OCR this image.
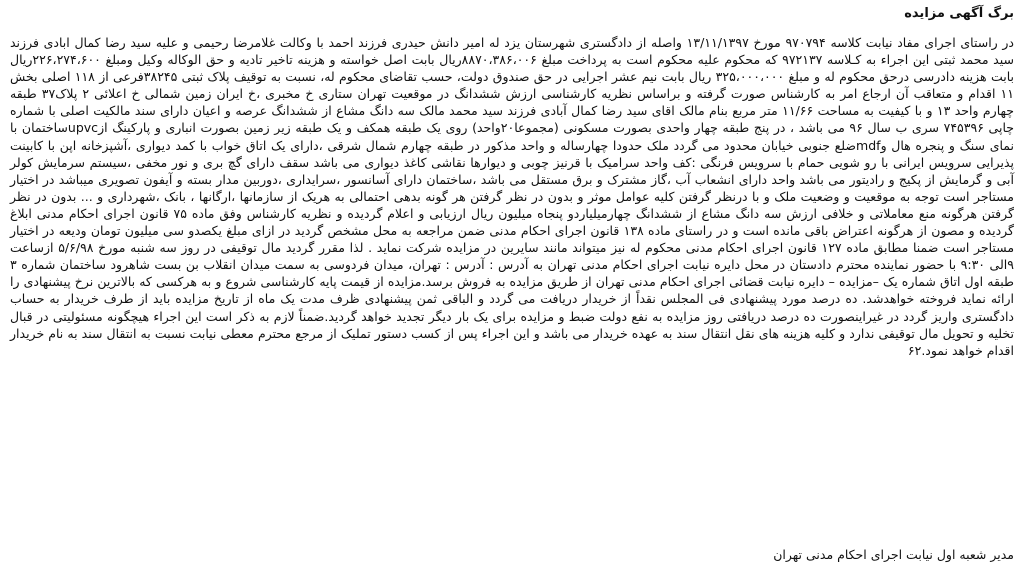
برگ آگهی مزایده

در راستای اجرای مفاد نیابت کلاسه ۹۷۰۷۹۴ مورخ ۱۳/۱۱/۱۳۹۷ واصله از دادگستری شهرستان یزد له امیر دانش حیدری فرزند احمد با وکالت غلامرضا رحیمی و علیه سید رضا کمال ابادی فرزند سید محمد ثبتی این اجراء به کـلاسه ۹۷۲۱۳۷ که محکوم علیه محکوم است به پرداخت مبلغ ۸۸۷۰،۳۸۶،۰۰۶ریال بابت اصل خواسته و هزینه تاخیر تادیه و حق الوکاله وکیل ومبلغ ۲۲۶،۲۷۴،۶۰۰ریال بابت هزینه دادرسی درحق محکوم له و مبلغ ۳۲۵،۰۰۰،۰۰۰ ریال بابت نیم عشر اجرایی در حق صندوق دولت، حسب تقاضای محکوم له، نسبت به توقیف پلاک ثبتی ۳۸۲۴۵فرعی از ۱۱۸ اصلی بخش ۱۱ اقدام و متعاقب آن ارجاع امر به کارشناس صورت گرفته و براساس نظریه کارشناسی ارزش ششدانگ در موقعیت تهران ستاری خ مخبری ،خ ایران زمین شمالی خ اعلائی ۲ پلاک۳۷ طبقه چهارم واحد ۱۳ و با کیفیت به مساحت ۱۱/۶۶ متر مربع بنام مالک اقای سید رضا کمال آبادی فرزند سید محمد مالک سه دانگ مشاع از ششدانگ عرصه و اعیان دارای سند مالکیت اصلی با شماره چاپی ۷۴۵۳۹۶ سری ب سال ۹۶ می باشد ، در پنج طبقه چهار واحدی بصورت مسکونی (مجموعا۲۰واحد) روی یک طبقه همکف و یک طبقه زیر زمین بصورت انباری و پارکینگ ازupvcساختمان با نمای سنگ و پنجره هال وmdfضلع جنوبی خیابان محدود می گردد ملک حدودا چهارساله و واحد مذکور در طبقه چهارم شمال شرقی ،دارای یک اتاق خواب با کمد دیواری ،آشپزخانه اپن با کابینت پذیرایی سرویس ایرانی با رو شویی حمام با سرویس فرنگی :کف واحد سرامیک با قرنیز چوبی و دیوارها نقاشی کاغذ دیواری می باشد سقف دارای گچ بری و نور مخفی ،سیستم سرمایش کولر آبی و گرمایش از پکیج و رادیتور می باشد واحد دارای انشعاب آب ،گاز مشترک و برق مستقل می باشد ،ساختمان دارای آسانسور ،سرایداری ،دوربین مدار بسته و آیفون تصویری میباشد در اختیار مستاجر است توجه به موقعیت و وضعیت ملک و با درنظر گرفتن کلیه عوامل موثر و بدون در نظر گرفتن هر گونه بدهی احتمالی به هریک از سازمانها ،ارگانها ، بانک ،شهرداری و ... بدون در نظر گرفتن هرگونه منع معاملاتی و خلافی ارزش سه دانگ مشاع از ششدانگ چهارمیلیاردو پنجاه میلیون ریال ارزیابی و اعلام گردیده و نظریه کارشناس وفق ماده ۷۵ قانون اجرای احکام مدنی ابلاغ گردیده و مصون از هرگونه اعتراض باقی مانده است و در راستای ماده ۱۳۸ قانون اجرای احکام مدنی ضمن مراجعه به محل مشخص گردید در ازای مبلغ یکصدو سی میلیون تومان ودیعه در اختیار مستاجر است ضمنا مطابق ماده ۱۲۷ قانون اجرای احکام مدنی محکوم له نیز میتواند مانند سایرین در مزایده شرکت نماید . لذا مقرر گردید مال توقیفی در روز سه شنبه مورخ ۵/۶/۹۸ ازساعت ۹الی ۹:۳۰ با حضور نماینده محترم دادستان در محل دایره نیابت اجرای احکام مدنی تهران به آدرس : آدرس : تهران، میدان فردوسی به سمت میدان انقلاب بن بست شاهرود ساختمان شماره ۳ طبقه اول اتاق شماره یک –مزایده – دایره نیابت قضائی اجرای احکام مدنی تهران از طریق مزایده به فروش برسد.مزایده از قیمت پایه کارشناسی شروع و به هرکسی که بالاترین نرخ پیشنهادی را ارائه نماید فروخته خواهدشد. ده درصد مورد پیشنهادی فی المجلس نقداً از خریدار دریافت می گردد و الباقی ثمن پیشنهادی ظرف مدت یک ماه از تاریخ مزایده باید از طرف خریدار به حساب دادگستری واریز گردد در غیراینصورت ده درصد دریافتی روز مزایده به نفع دولت ضبط و مزایده برای یک بار دیگر تجدید خواهد گردید.ضمناً لازم به ذکر است این اجراء هیچگونه مسئولیتی در قبال تخلیه و تحویل مال توقیفی ندارد و کلیه هزینه های نقل انتقال سند به عهده خریدار می باشد و این اجراء پس از کسب دستور تملیک از مرجع محترم معطی نیابت نسبت به انتقال سند به نام خریدار اقدام خواهد نمود.۶۲

مدیر شعبه اول نیابت اجرای احکام مدنی تهران
